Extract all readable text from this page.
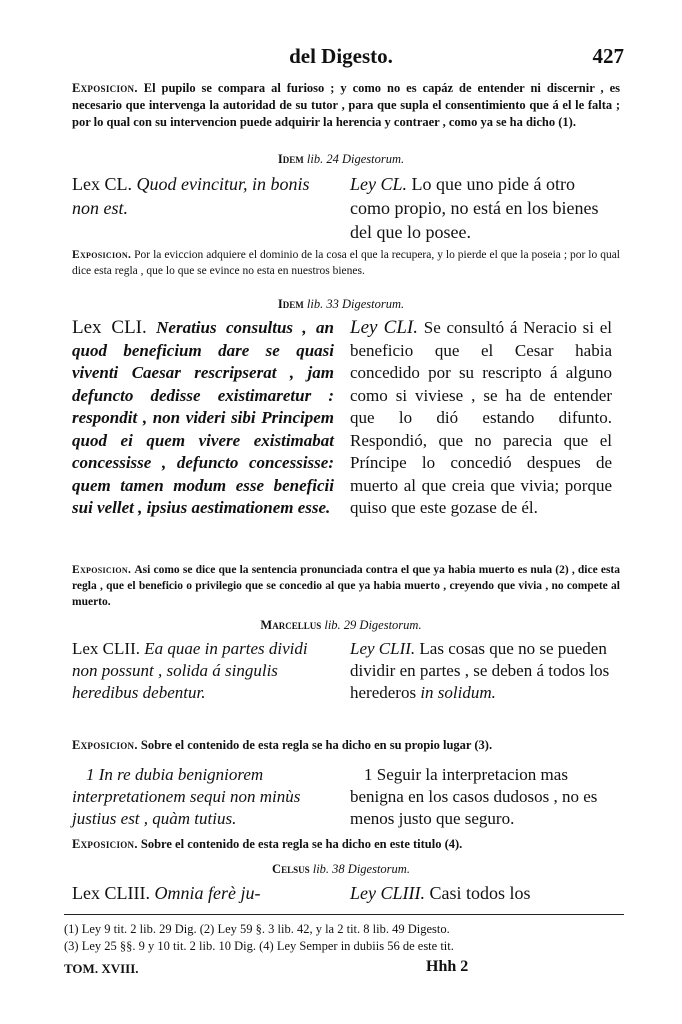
del Digesto.	427
Exposicion. El pupilo se compara al furioso ; y como no es capáz de entender ni discernir , es necesario que intervenga la autoridad de su tutor , para que supla el consentimiento que á el le falta ; por lo qual con su intervencion puede adquirir la herencia y contraer , como ya se ha dicho (1).
Idem lib. 24 Digestorum.
Lex CL. Quod evincitur, in bonis non est.
Ley CL. Lo que uno pide á otro como propio, no está en los bienes del que lo posee.
Exposicion. Por la eviccion adquiere el dominio de la cosa el que la recupera, y lo pierde el que la poseia ; por lo qual dice esta regla , que lo que se evince no esta en nuestros bienes.
Idem lib. 33 Digestorum.
Lex CLI. Neratius consultus , an quod beneficium dare se quasi viventi Caesar rescripserat , jam defuncto dedisse existimaretur : respondit , non videri sibi Principem quod ei quem vivere existimabat concessisse , defuncto concessisse: quem tamen modum esse beneficii sui vellet , ipsius aestimationem esse.
Ley CLI. Se consultó á Neracio si el beneficio que el Cesar habia concedido por su rescripto á alguno como si viviese , se ha de entender que lo dió estando difunto. Respondió, que no parecia que el Príncipe lo concedió despues de muerto al que creia que vivia; porque quiso que este gozase de él.
Exposicion. Asi como se dice que la sentencia pronunciada contra el que ya habia muerto es nula (2) , dice esta regla , que el beneficio o privilegio que se concedio al que ya habia muerto , creyendo que vivia , no compete al muerto.
Marcellus lib. 29 Digestorum.
Lex CLII. Ea quae in partes dividi non possunt , solida á singulis heredibus debentur.
Ley CLII. Las cosas que no se pueden dividir en partes , se deben á todos los herederos in solidum.
Exposicion. Sobre el contenido de esta regla se ha dicho en su propio lugar (3).
1 In re dubia benigniorem interpretationem sequi non minùs justius est , quàm tutius.
1 Seguir la interpretacion mas benigna en los casos dudosos , no es menos justo que seguro.
Exposicion. Sobre el contenido de esta regla se ha dicho en este titulo (4).
Celsus lib. 38 Digestorum.
Lex CLIII. Omnia ferè ju-	Ley CLIII. Casi todos los
(1) Ley 9 tit. 2 lib. 29 Dig. (2) Ley 59 §. 3 lib. 42, y la 2 tit. 8 lib. 49 Digesto.
(3) Ley 25 §§. 9 y 10 tit. 2 lib. 10 Dig. (4) Ley Semper in dubiis 56 de este tit.
TOM. XVIII.	Hhh 2
